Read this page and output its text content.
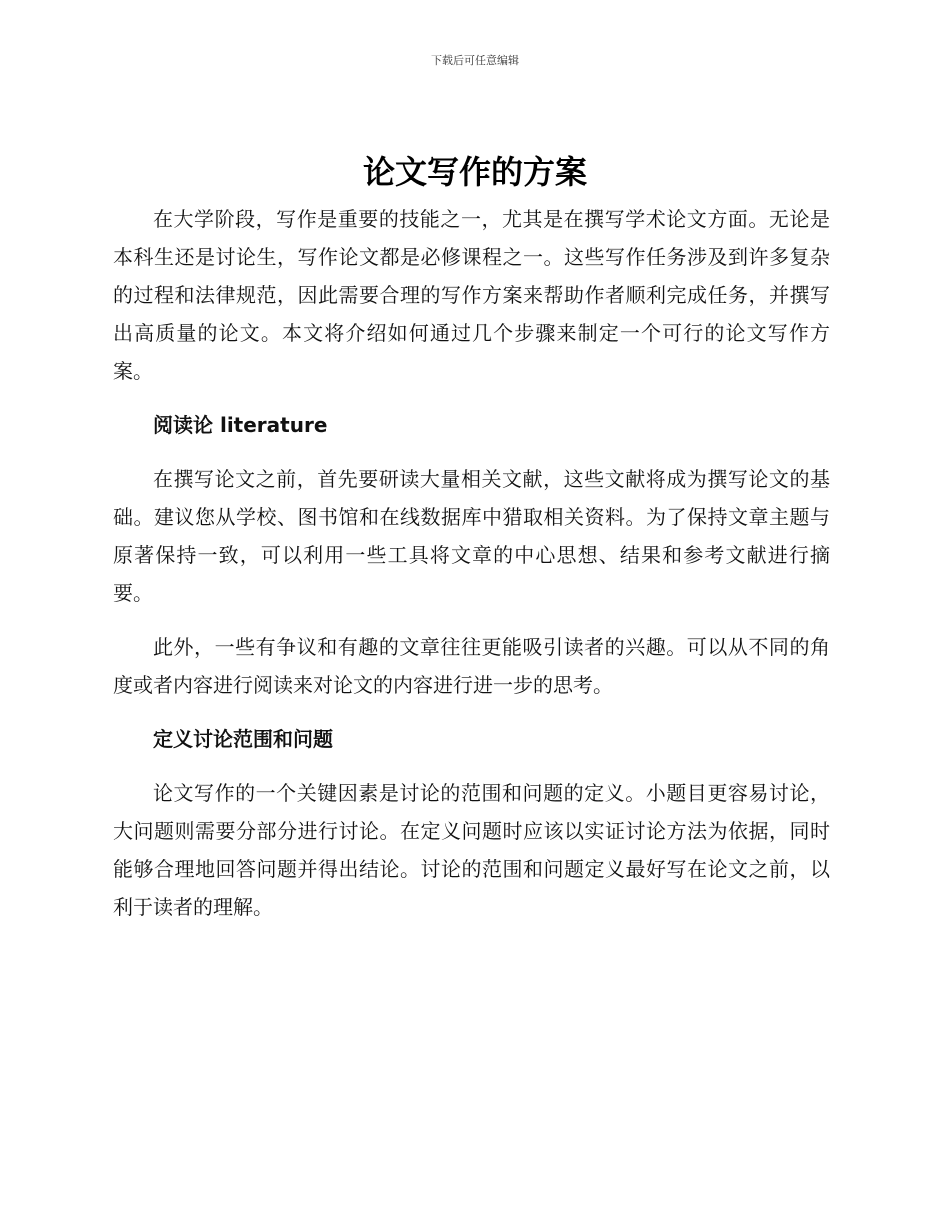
下载后可任意编辑
论文写作的方案

在大学阶段，写作是重要的技能之一，尤其是在撰写学术论文方面。无论是本科生还是讨论生，写作论文都是必修课程之一。这些写作任务涉及到许多复杂的过程和法律规范，因此需要合理的写作方案来帮助作者顺利完成任务，并撰写出高质量的论文。本文将介绍如何通过几个步骤来制定一个可行的论文写作方案。

阅读论 literature

在撰写论文之前，首先要研读大量相关文献，这些文献将成为撰写论文的基础。建议您从学校、图书馆和在线数据库中猎取相关资料。为了保持文章主题与原著保持一致，可以利用一些工具将文章的中心思想、结果和参考文献进行摘要。

此外，一些有争议和有趣的文章往往更能吸引读者的兴趣。可以从不同的角度或者内容进行阅读来对论文的内容进行进一步的思考。

定义讨论范围和问题

论文写作的一个关键因素是讨论的范围和问题的定义。小题目更容易讨论，大问题则需要分部分进行讨论。在定义问题时应该以实证讨论方法为依据，同时能够合理地回答问题并得出结论。讨论的范围和问题定义最好写在论文之前，以利于读者的理解。
